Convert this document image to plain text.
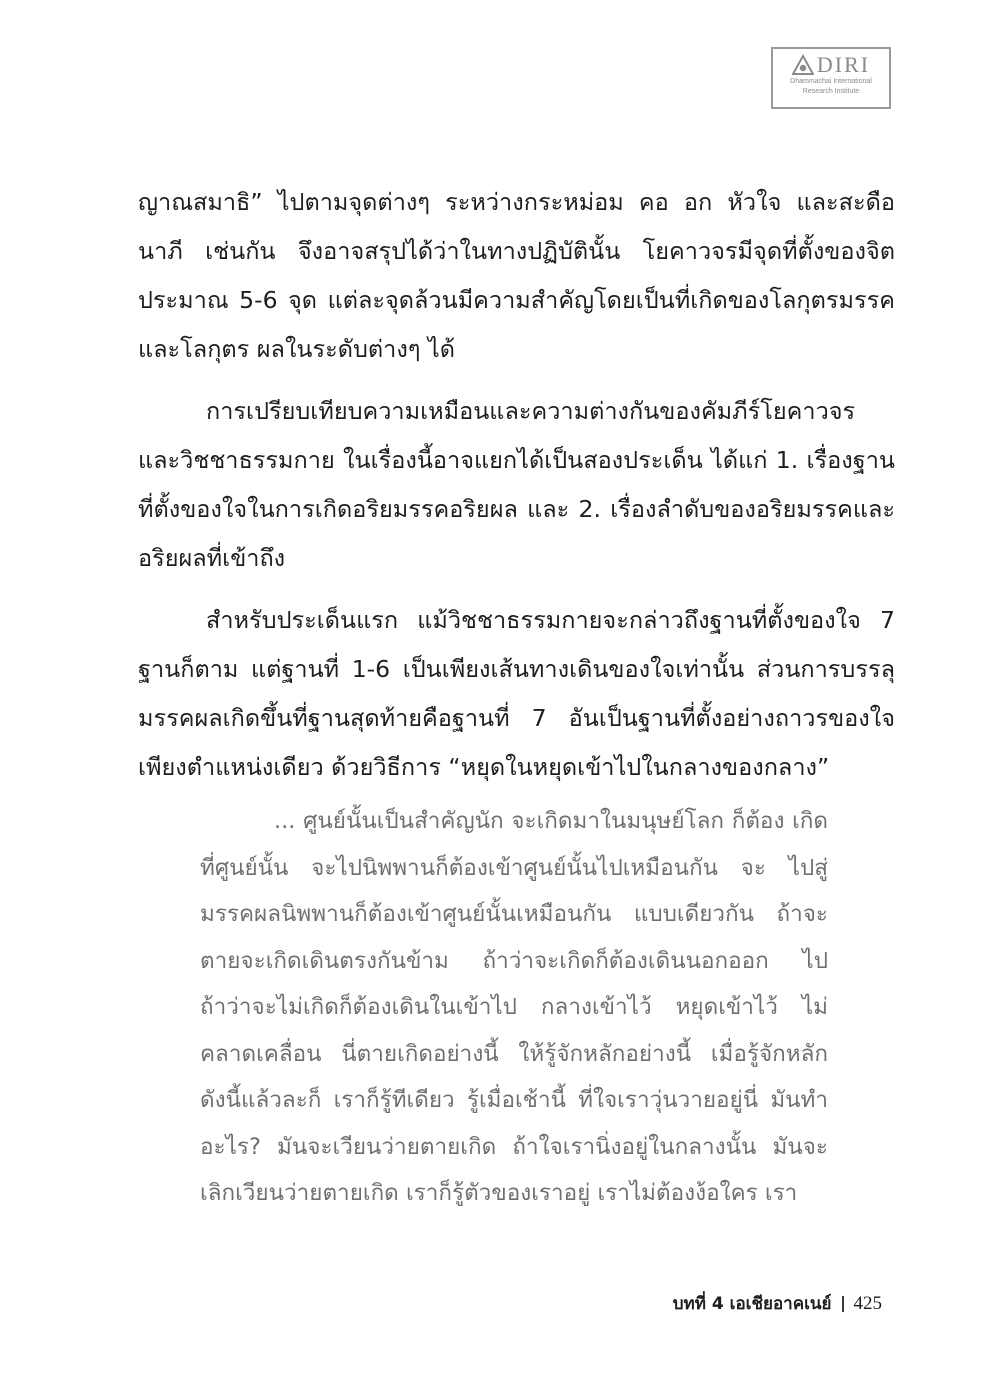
DIRI
Dhammachai International
Research Institute

ญาณสมาธิ” ไปตามจุดต่างๆ ระหว่างกระหม่อม คอ อก หัวใจ และสะดือ นาภี เช่นกัน จึงอาจสรุปได้ว่าในทางปฏิบัตินั้น โยคาวจรมีจุดที่ตั้งของจิตประมาณ 5-6 จุด แต่ละจุดล้วนมีความสำคัญโดยเป็นที่เกิดของโลกุตรมรรคและโลกุตร ผลในระดับต่างๆ ได้

การเปรียบเทียบความเหมือนและความต่างกันของคัมภีร์โยคาวจร และวิชชาธรรมกาย ในเรื่องนี้อาจแยกได้เป็นสองประเด็น ได้แก่ 1. เรื่องฐาน ที่ตั้งของใจในการเกิดอริยมรรคอริยผล และ 2. เรื่องลำดับของอริยมรรคและ อริยผลที่เข้าถึง

สำหรับประเด็นแรก แม้วิชชาธรรมกายจะกล่าวถึงฐานที่ตั้งของใจ 7 ฐานก็ตาม แต่ฐานที่ 1-6 เป็นเพียงเส้นทางเดินของใจเท่านั้น ส่วนการบรรลุ มรรคผลเกิดขึ้นที่ฐานสุดท้ายคือฐานที่ 7 อันเป็นฐานที่ตั้งอย่างถาวรของใจ เพียงตำแหน่งเดียว ด้วยวิธีการ “หยุดในหยุดเข้าไปในกลางของกลาง”

... ศูนย์นั้นเป็นสำคัญนัก จะเกิดมาในมนุษย์โลก ก็ต้อง เกิดที่ศูนย์นั้น จะไปนิพพานก็ต้องเข้าศูนย์นั้นไปเหมือนกัน จะ ไปสู่มรรคผลนิพพานก็ต้องเข้าศูนย์นั้นเหมือนกัน แบบเดียวกัน ถ้าจะตายจะเกิดเดินตรงกันข้าม ถ้าว่าจะเกิดก็ต้องเดินนอกออก ไป ถ้าว่าจะไม่เกิดก็ต้องเดินในเข้าไป กลางเข้าไว้ หยุดเข้าไว้ ไม่ คลาดเคลื่อน นี่ตายเกิดอย่างนี้ ให้รู้จักหลักอย่างนี้ เมื่อรู้จักหลัก ดังนี้แล้วละก็ เราก็รู้ทีเดียว รู้เมื่อเช้านี้ ที่ใจเราวุ่นวายอยู่นี่ มันทำ อะไร? มันจะเวียนว่ายตายเกิด ถ้าใจเรานิ่งอยู่ในกลางนั้น มันจะ เลิกเวียนว่ายตายเกิด เราก็รู้ตัวของเราอยู่ เราไม่ต้องง้อใคร เรา

บทที่ 4 เอเชียอาคเนย์ 425
